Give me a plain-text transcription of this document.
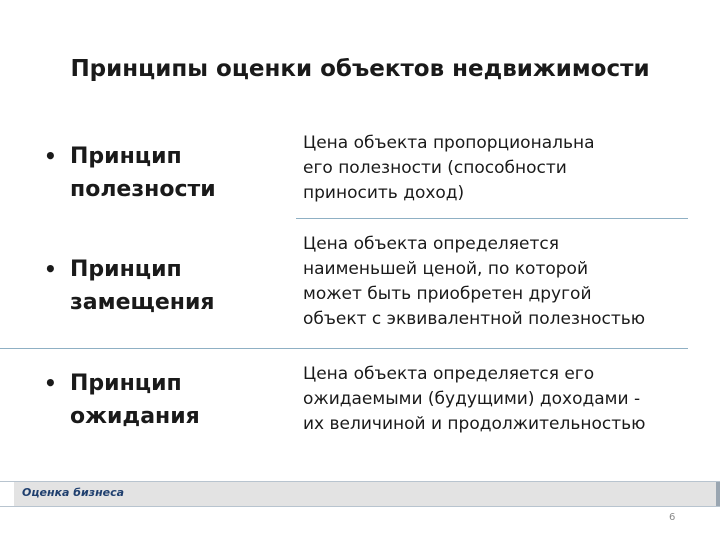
Принципы оценки объектов недвижимости
• Принцип
полезности
Цена объекта пропорциональна
его полезности (способности
приносить доход)
• Принцип
замещения
Цена объекта определяется
наименьшей ценой, по которой
может быть приобретен другой
объект с эквивалентной полезностью
• Принцип
ожидания
Цена объекта определяется его
ожидаемыми (будущими) доходами -
их величиной и продолжительностью
Оценка бизнеса
6
